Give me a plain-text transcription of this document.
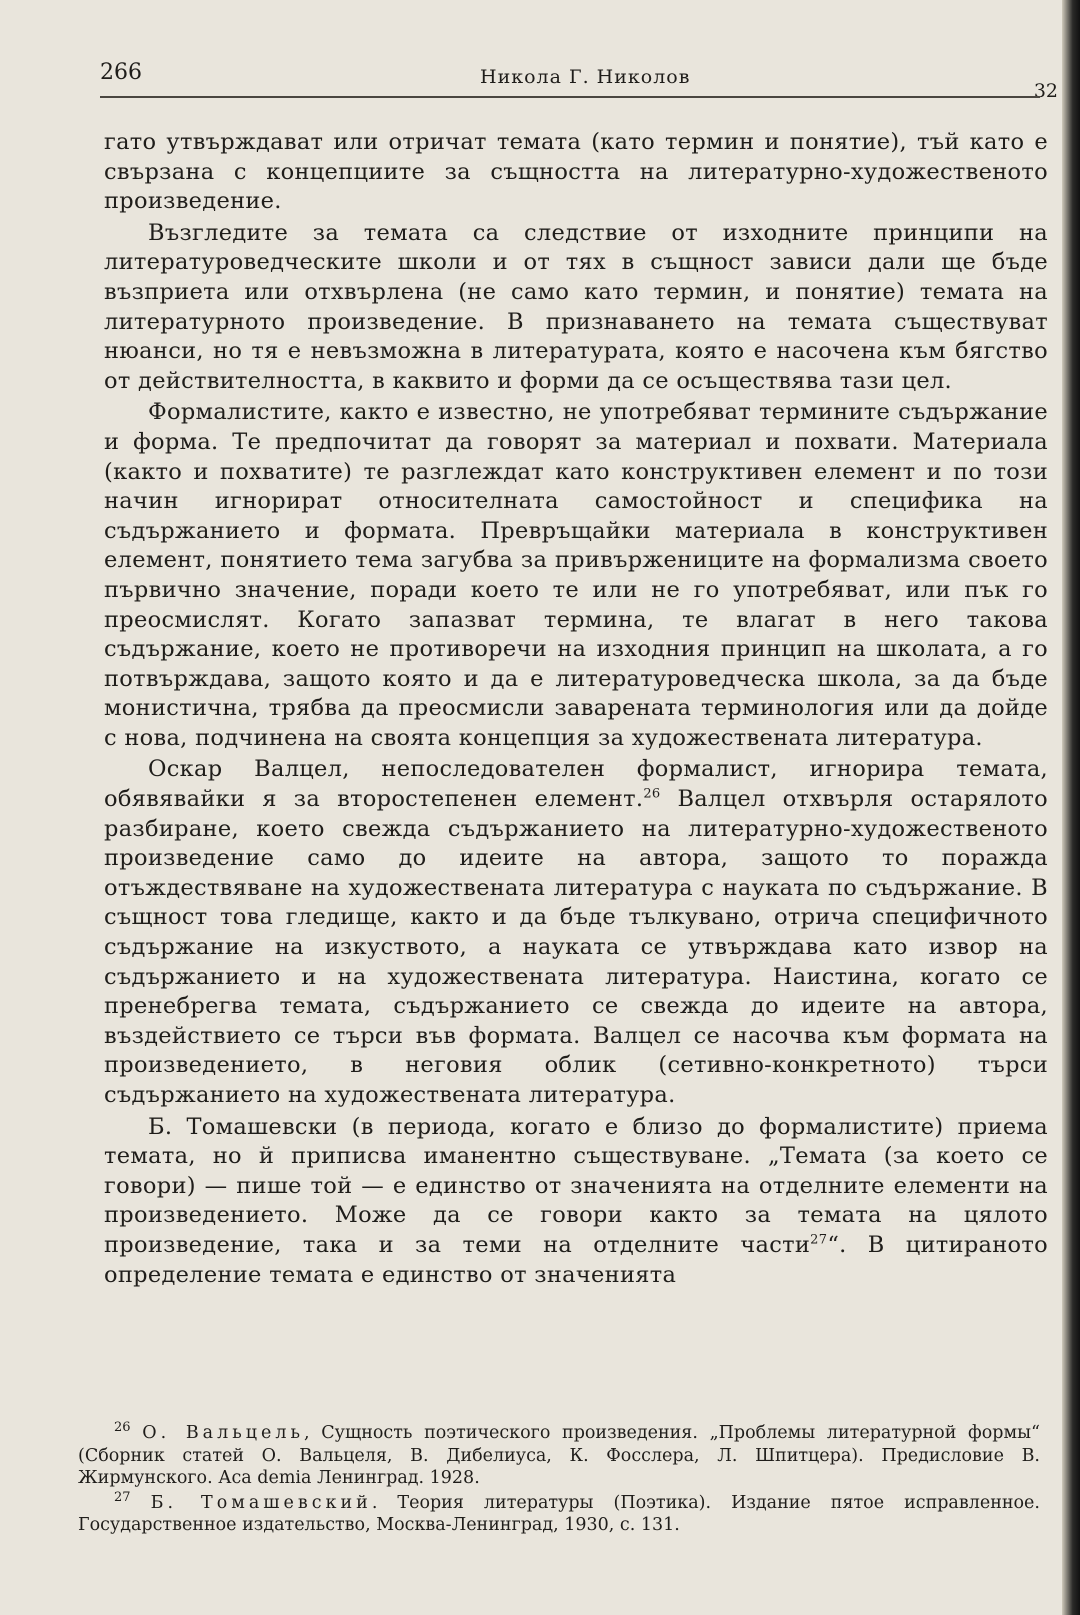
266	Никола Г. Николов
32

гато утвърждават или отричат темата (като термин и понятие), тъй като е свързана с концепциите за същността на литературно-художественото произведение.

Възгледите за темата са следствие от изходните принципи на литературоведческите школи и от тях в същност зависи дали ще бъде възприета или отхвърлена (не само като термин, и понятие) темата на литературното произведение. В признаването на темата съществуват нюанси, но тя е невъзможна в литературата, която е насочена към бягство от действителността, в каквито и форми да се осъществява тази цел.

Формалистите, както е известно, не употребяват термините съдържание и форма. Те предпочитат да говорят за материал и похвати. Материала (както и похватите) те разглеждат като конструктивен елемент и по този начин игнорират относителната самостойност и специфика на съдържанието и формата. Превръщайки материала в конструктивен елемент, понятието тема загубва за привържениците на формализма своето първично значение, поради което те или не го употребяват, или пък го преосмислят. Когато запазват термина, те влагат в него такова съдържание, което не противоречи на изходния принцип на школата, а го потвърждава, защото която и да е литературоведческа школа, за да бъде монистична, трябва да преосмисли заварената терминология или да дойде с нова, подчинена на своята концепция за художествената литература.

Оскар Валцел, непоследователен формалист, игнорира темата, обявявайки я за второстепенен елемент.$^{26}$ Валцел отхвърля остарялото разбиране, което свежда съдържанието на литературно-художественото произведение само до идеите на автора, защото то поражда отъждествяване на художествената литература с науката по съдържание. В същност това гледище, както и да бъде тълкувано, отрича специфичното съдържание на изкуството, а науката се утвърждава като извор на съдържанието и на художествената литература. Наистина, когато се пренебрегва темата, съдържанието се свежда до идеите на автора, въздействието се търси във формата. Валцел се насочва към формата на произведението, в неговия облик (сетивно-конкретното) търси съдържанието на художествената литература.

Б. Томашевски (в периода, когато е близо до формалистите) приема темата, но й приписва иманентно съществуване. „Темата (за което се говори) — пише той — е единство от значенията на отделните елементи на произведението. Може да се говори както за темата на цялото произведение, така и за теми на отделните части$^{27}$“. В цитираното определение темата е единство от значенията

$^{26}$ О. Вальцель, Сущность поэтического произведения. „Проблемы литературной формы“ (Сборник статей О. Вальцеля, В. Дибелиуса, К. Фосслера, Л. Шпитцера). Предисловие В. Жирмунского. Аса demia Ленинград. 1928.

$^{27}$ Б. Томашевский. Теория литературы (Поэтика). Издание пятое исправленное. Государственное издательство, Москва-Ленинград, 1930, с. 131.
